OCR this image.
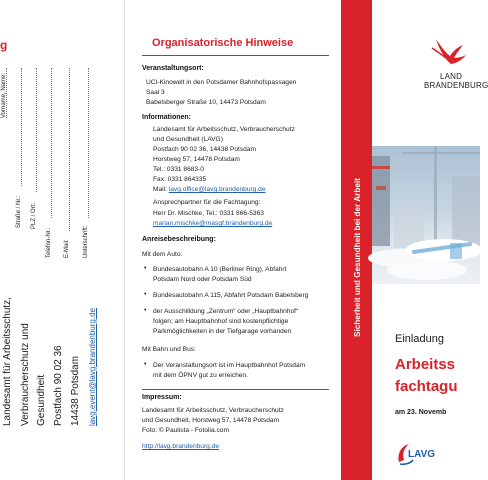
g
Vorname, Name:
Straße / Nr.: PLZ / Ort:
Telefon-Nr.: E-Mail: Unterschrift:
Landesamt für Arbeitsschutz, Verbraucherschutz und Gesundheit Postfach 90 02 36 14438 Potsdam lavg.event@lavg.brandenburg.de
Organisatorische Hinweise
Veranstaltungsort:
UCI-Kinowelt in den Potsdamer Bahnhofspassagen
Saal 3
Babelsberger Straße 10, 14473 Potsdam
Informationen:
Landesamt für Arbeitsschutz, Verbraucherschutz
und Gesundheit (LAVG)
Postfach 90 02 36, 14438 Potsdam
Horstweg 57, 14478 Potsdam
Tel.: 0331 8683-0
Fax: 0331 864335
Mail: lavg.office@lavg.brandenburg.de
Ansprechpartner für die Fachtagung:
Herr Dr. Mischke, Tel.: 0331 866-5363
marian.mischke@masgf.brandenburg.de
Anreisebeschreibung:
Mit dem Auto:
• Bundesautobahn A 10 (Berliner Ring), Abfahrt
Potsdam Nord oder Potsdam Süd
• Bundesautobahn A 115, Abfahrt Potsdam Babelsberg
• der Ausschilldung „Zentrum“ oder „Hauptbahnhof“
folgen; am Hauptbahnhof sind kostenpflichtige
Parkmöglichkeiten in der Tiefgarage vorhanden
Mit Bahn und Bus:
• Der Veranstaltungsort ist im Hauptbahnhof Potsdam
mit dem ÖPNV gut zu erreichen.
Impressum:
Landesamt für Arbeitsschutz, Verbraucherschutz
und Gesundheit, Horstweg 57, 14478 Potsdam
Foto: © Paulista - Fotolia.com
http://lavg.brandenburg.de
Sicherheit und Gesundheit bei der Arbeit
LAND
BRANDENBURG
Einladung
Arbeitss
fachtagu
am 23. Novemb
LAVG
